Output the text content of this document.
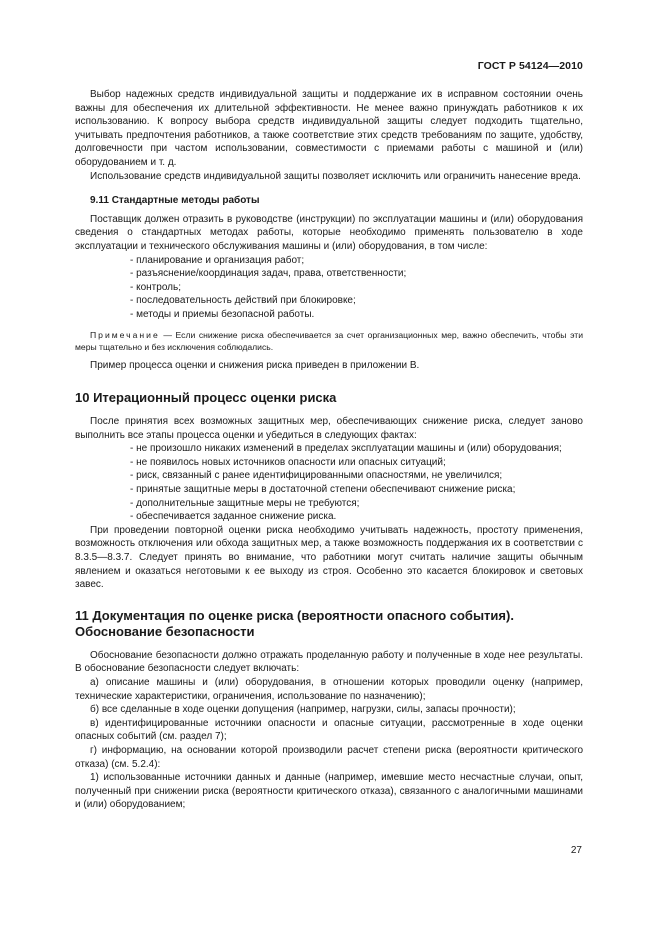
ГОСТ Р 54124—2010

Выбор надежных средств индивидуальной защиты и поддержание их в исправном состоянии очень важны для обеспечения их длительной эффективности. Не менее важно принуждать работников к их использованию. К вопросу выбора средств индивидуальной защиты следует подходить тщательно, учитывать предпочтения работников, а также соответствие этих средств требованиям по защите, удобству, долговечности при частом использовании, совместимости с приемами работы с машиной и (или) оборудованием и т. д.

Использование средств индивидуальной защиты позволяет исключить или ограничить нанесение вреда.

9.11 Стандартные методы работы

Поставщик должен отразить в руководстве (инструкции) по эксплуатации машины и (или) оборудования сведения о стандартных методах работы, которые необходимо применять пользователю в ходе эксплуатации и технического обслуживания машины и (или) оборудования, в том числе:

- планирование и организация работ;
- разъяснение/координация задач, права, ответственности;
- контроль;
- последовательность действий при блокировке;
- методы и приемы безопасной работы.

Примечание — Если снижение риска обеспечивается за счет организационных мер, важно обеспечить, чтобы эти меры тщательно и без исключения соблюдались.

Пример процесса оценки и снижения риска приведен в приложении В.

10 Итерационный процесс оценки риска

После принятия всех возможных защитных мер, обеспечивающих снижение риска, следует заново выполнить все этапы процесса оценки и убедиться в следующих фактах:

- не произошло никаких изменений в пределах эксплуатации машины и (или) оборудования;
- не появилось новых источников опасности или опасных ситуаций;
- риск, связанный с ранее идентифицированными опасностями, не увеличился;
- принятые защитные меры в достаточной степени обеспечивают снижение риска;
- дополнительные защитные меры не требуются;
- обеспечивается заданное снижение риска.

При проведении повторной оценки риска необходимо учитывать надежность, простоту применения, возможность отключения или обхода защитных мер, а также возможность поддержания их в соответствии с 8.3.5—8.3.7. Следует принять во внимание, что работники могут считать наличие защиты обычным явлением и оказаться неготовыми к ее выходу из строя. Особенно это касается блокировок и световых завес.

11 Документация по оценке риска (вероятности опасного события).
Обоснование безопасности

Обоснование безопасности должно отражать проделанную работу и полученные в ходе нее результаты. В обоснование безопасности следует включать:

а) описание машины и (или) оборудования, в отношении которых проводили оценку (например, технические характеристики, ограничения, использование по назначению);

б) все сделанные в ходе оценки допущения (например, нагрузки, силы, запасы прочности);

в) идентифицированные источники опасности и опасные ситуации, рассмотренные в ходе оценки опасных событий (см. раздел 7);

г) информацию, на основании которой производили расчет степени риска (вероятности критического отказа) (см. 5.2.4):

1) использованные источники данных и данные (например, имевшие место несчастные случаи, опыт, полученный при снижении риска (вероятности критического отказа), связанного с аналогичными машинами и (или) оборудованием;

27
